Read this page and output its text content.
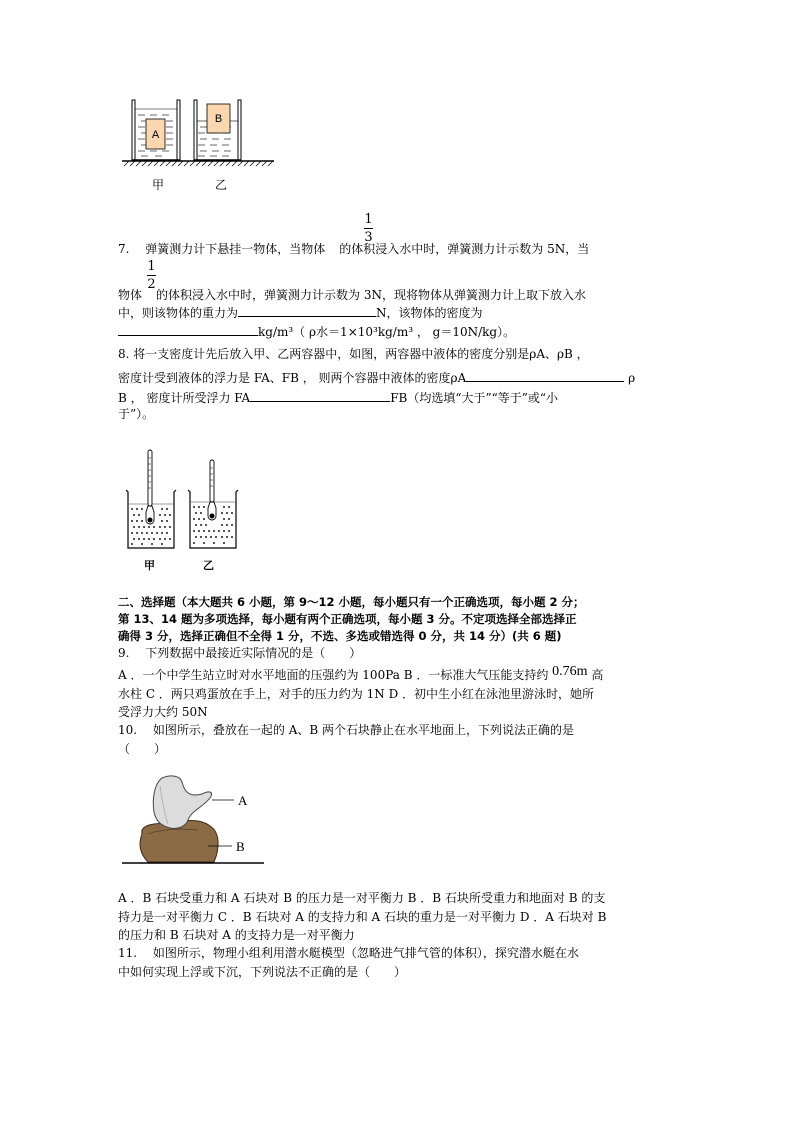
A
B
甲	乙
1
3
7.　 弹簧测力计下悬挂一物体，当物体 的体积浸入水中时，弹簧测力计示数为 5N，当
1
2
物体 的体积浸入水中时，弹簧测力计示数为 3N，现将物体从弹簧测力计上取下放入水
中，则该物体的重力为	N，该物体的密度为
kg/m³（ ρ水＝1×10³kg/m³ ， g＝10N/kg）。
8. 将一支密度计先后放入甲、乙两容器中，如图，两容器中液体的密度分别是ρA、ρB ，
密度计受到液体的浮力是 FA、FB ， 则两个容器中液体的密度ρA	ρ
B ， 密度计所受浮力 FA	FB（均选填“大于”“等于”或“小
于”）。
甲	乙
二、选择题（本大题共 6 小题，第 9～12 小题，每小题只有一个正确选项，每小题 2 分；
第 13、14 题为多项选择，每小题有两个正确选项，每小题 3 分。不定项选择全部选择正
确得 3 分，选择正确但不全得 1 分，不选、多选或错选得 0 分，共 14 分）(共 6 题)
9.　 下列数据中最接近实际情况的是（　　）
A ．一个中学生站立时对水平地面的压强约为 100Pa B ．一标准大气压能支持约 0.76m 高
水柱 C ．两只鸡蛋放在手上，对手的压力约为 1N D ．初中生小红在泳池里游泳时，她所
受浮力大约 50N
10.　 如图所示，叠放在一起的 A、B 两个石块静止在水平地面上，下列说法正确的是
（　　）
A
B
A ．B 石块受重力和 A 石块对 B 的压力是一对平衡力 B ．B 石块所受重力和地面对 B 的支
持力是一对平衡力 C ．B 石块对 A 的支持力和 A 石块的重力是一对平衡力 D ．A 石块对 B
的压力和 B 石块对 A 的支持力是一对平衡力
11.　 如图所示，物理小组利用潜水艇模型（忽略进气排气管的体积），探究潜水艇在水
中如何实现上浮或下沉，下列说法不正确的是（　　）
